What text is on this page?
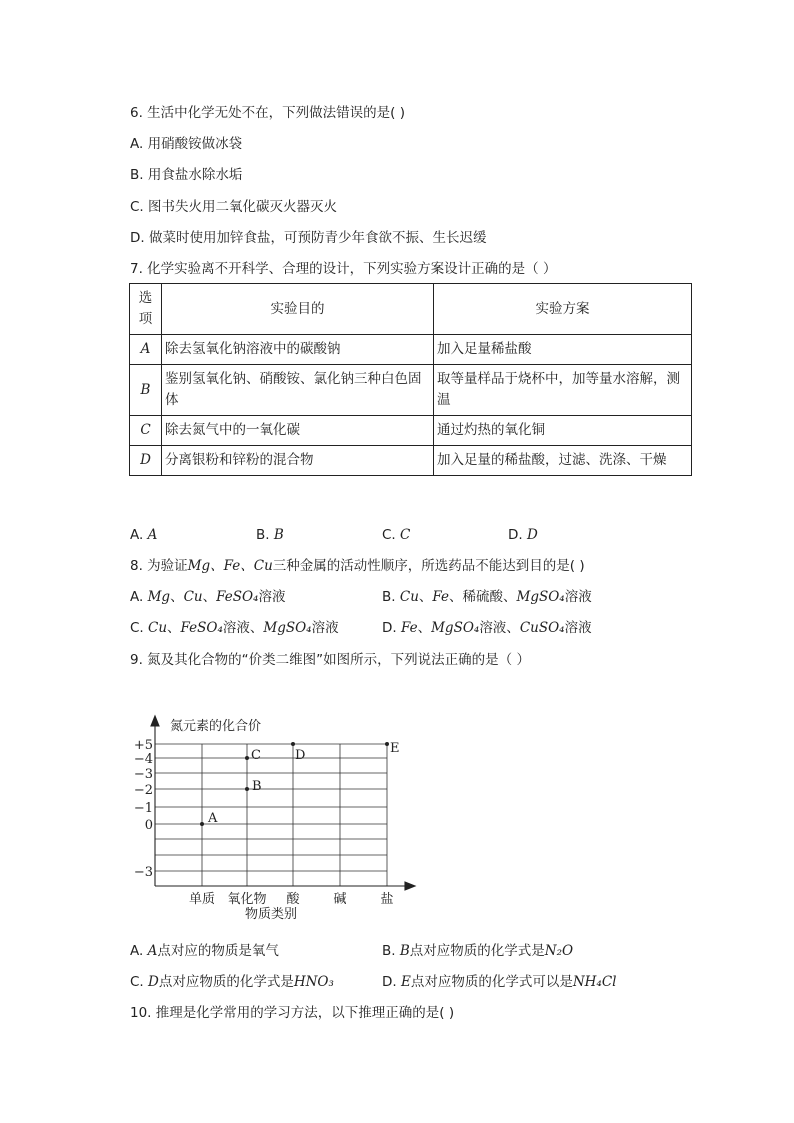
6. 生活中化学无处不在，下列做法错误的是( )
A. 用硝酸铵做冰袋
B. 用食盐水除水垢
C. 图书失火用二氧化碳灭火器灭火
D. 做菜时使用加锌食盐，可预防青少年食欲不振、生长迟缓
7. 化学实验离不开科学、合理的设计，下列实验方案设计正确的是（ ）
选项	实验目的	实验方案
A	除去氢氧化钠溶液中的碳酸钠	加入足量稀盐酸
B	鉴别氢氧化钠、硝酸铵、氯化钠三种白色固体	取等量样品于烧杯中，加等量水溶解，测温
C	除去氮气中的一氧化碳	通过灼热的氧化铜
D	分离银粉和锌粉的混合物	加入足量的稀盐酸，过滤、洗涤、干燥
A. A	B. B	C. C	D. D
8. 为验证Mg、Fe、Cu三种金属的活动性顺序，所选药品不能达到目的是( )
A. Mg、Cu、FeSO₄溶液	B. Cu、Fe、稀硫酸、MgSO₄溶液
C. Cu、FeSO₄溶液、MgSO₄溶液	D. Fe、MgSO₄溶液、CuSO₄溶液
9. 氮及其化合物的“价类二维图”如图所示，下列说法正确的是（ ）
氮元素的化合价
+5
−4
−3
−2
−1
0
−3
单质 氧化物 酸	碱	盐
物质类别
A
B
C	D	E
A. A点对应的物质是氧气	B. B点对应物质的化学式是N₂O
C. D点对应物质的化学式是HNO₃	D. E点对应物质的化学式可以是NH₄Cl
10. 推理是化学常用的学习方法，以下推理正确的是( )
